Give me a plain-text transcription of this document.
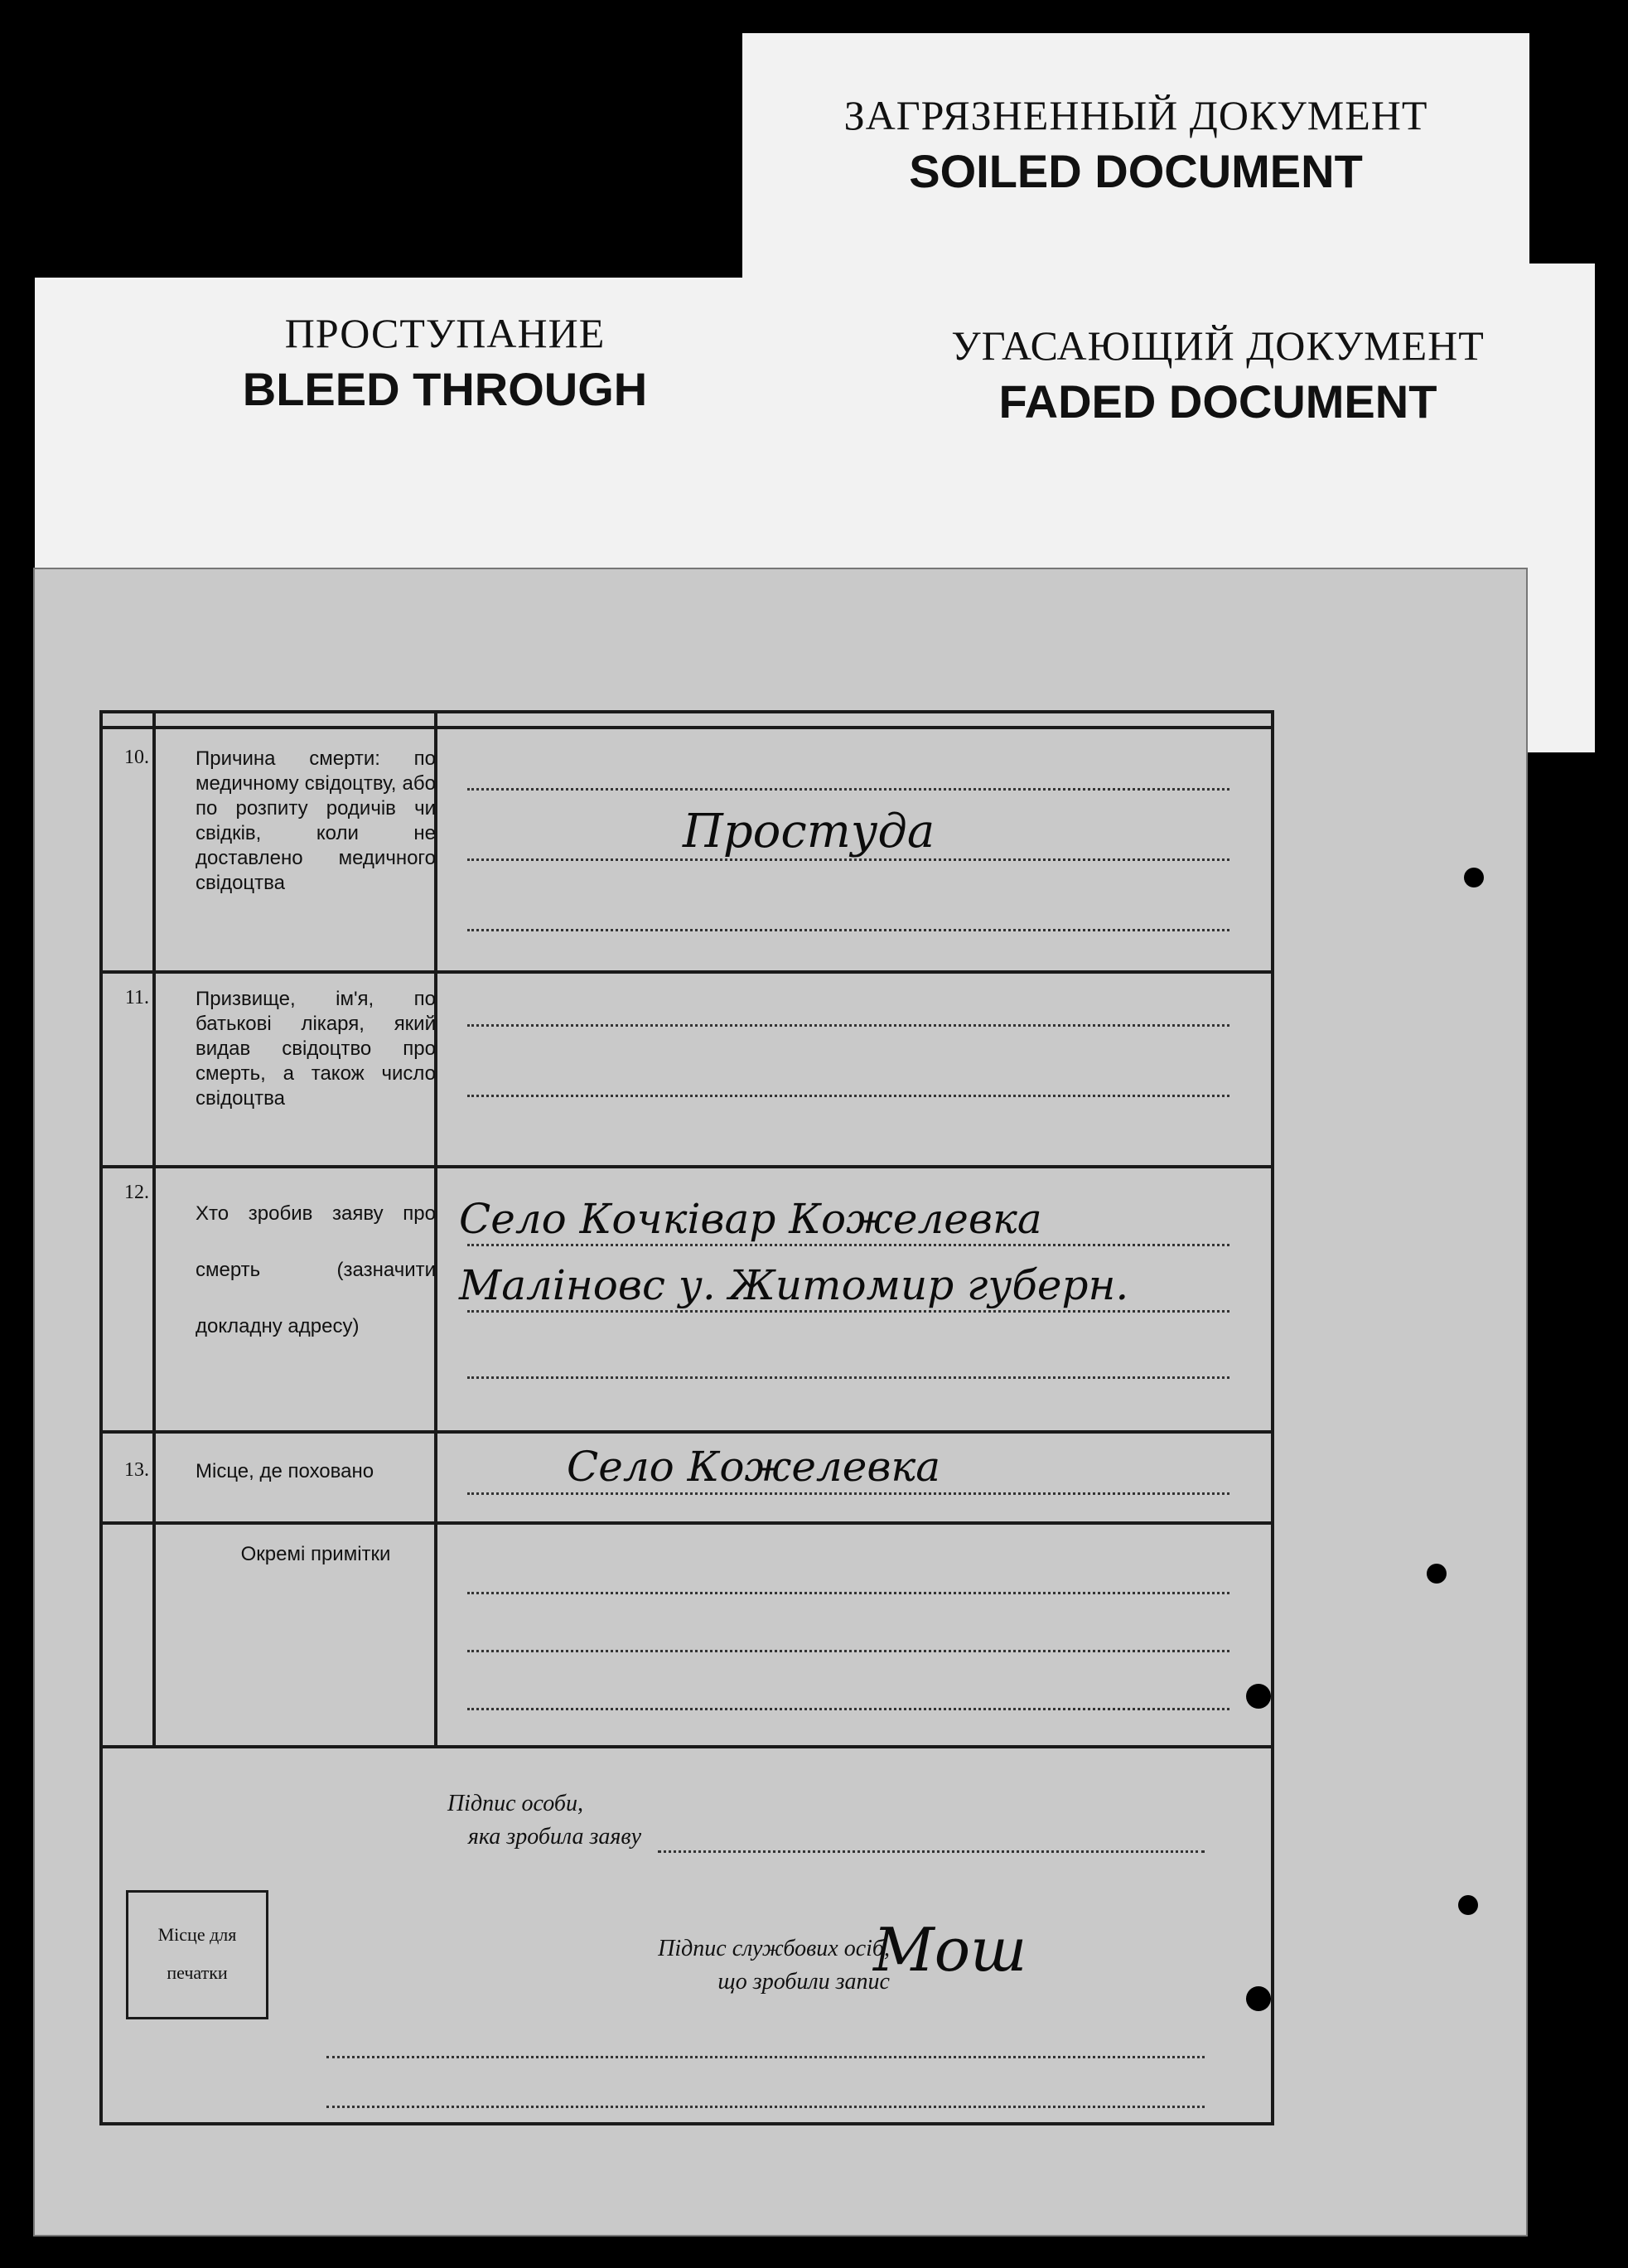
ЗАГРЯЗНЕННЫЙ ДОКУМЕНТ
SOILED DOCUMENT
ПРОСТУПАНИЕ
BLEED THROUGH
УГАСАЮЩИЙ ДОКУМЕНТ
FADED DOCUMENT
10. Причина смерти: по медичному свідоцтву, або по розпиту родичів чи свідків, коли не доставлено медичного свідоцтва
Простуда
11. Призвище, ім'я, по батькові лікаря, який видав свідоцтво про смерть, а також число свідоцтва
12.
Хто зробив заяву про смерть (зазначити докладну адресу)
Село Кочківар Кожелевка Маліновс у. Житомир губерн.
13. Місце, де поховано	Село Кожелевка
Окремі примітки
Підпис особи,
яка зробила заяву
Підпис службових осіб,
що зробили запис
Мош
Місце для
печатки
